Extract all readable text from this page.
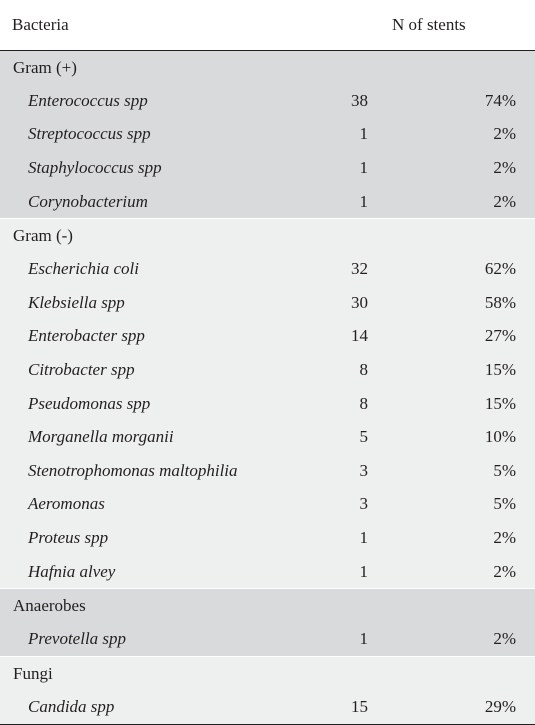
Bacteria	N of stents
Gram (+)
Enterococcus spp	38	74%
Streptococcus spp	1	2%
Staphylococcus spp	1	2%
Corynobacterium	1	2%
Gram (-)
Escherichia coli	32	62%
Klebsiella spp	30	58%
Enterobacter spp	14	27%
Citrobacter spp	8	15%
Pseudomonas spp	8	15%
Morganella morganii	5	10%
Stenotrophomonas maltophilia	3	5%
Aeromonas	3	5%
Proteus spp	1	2%
Hafnia alvey	1	2%
Anaerobes
Prevotella spp	1	2%
Fungi
Candida spp	15	29%
